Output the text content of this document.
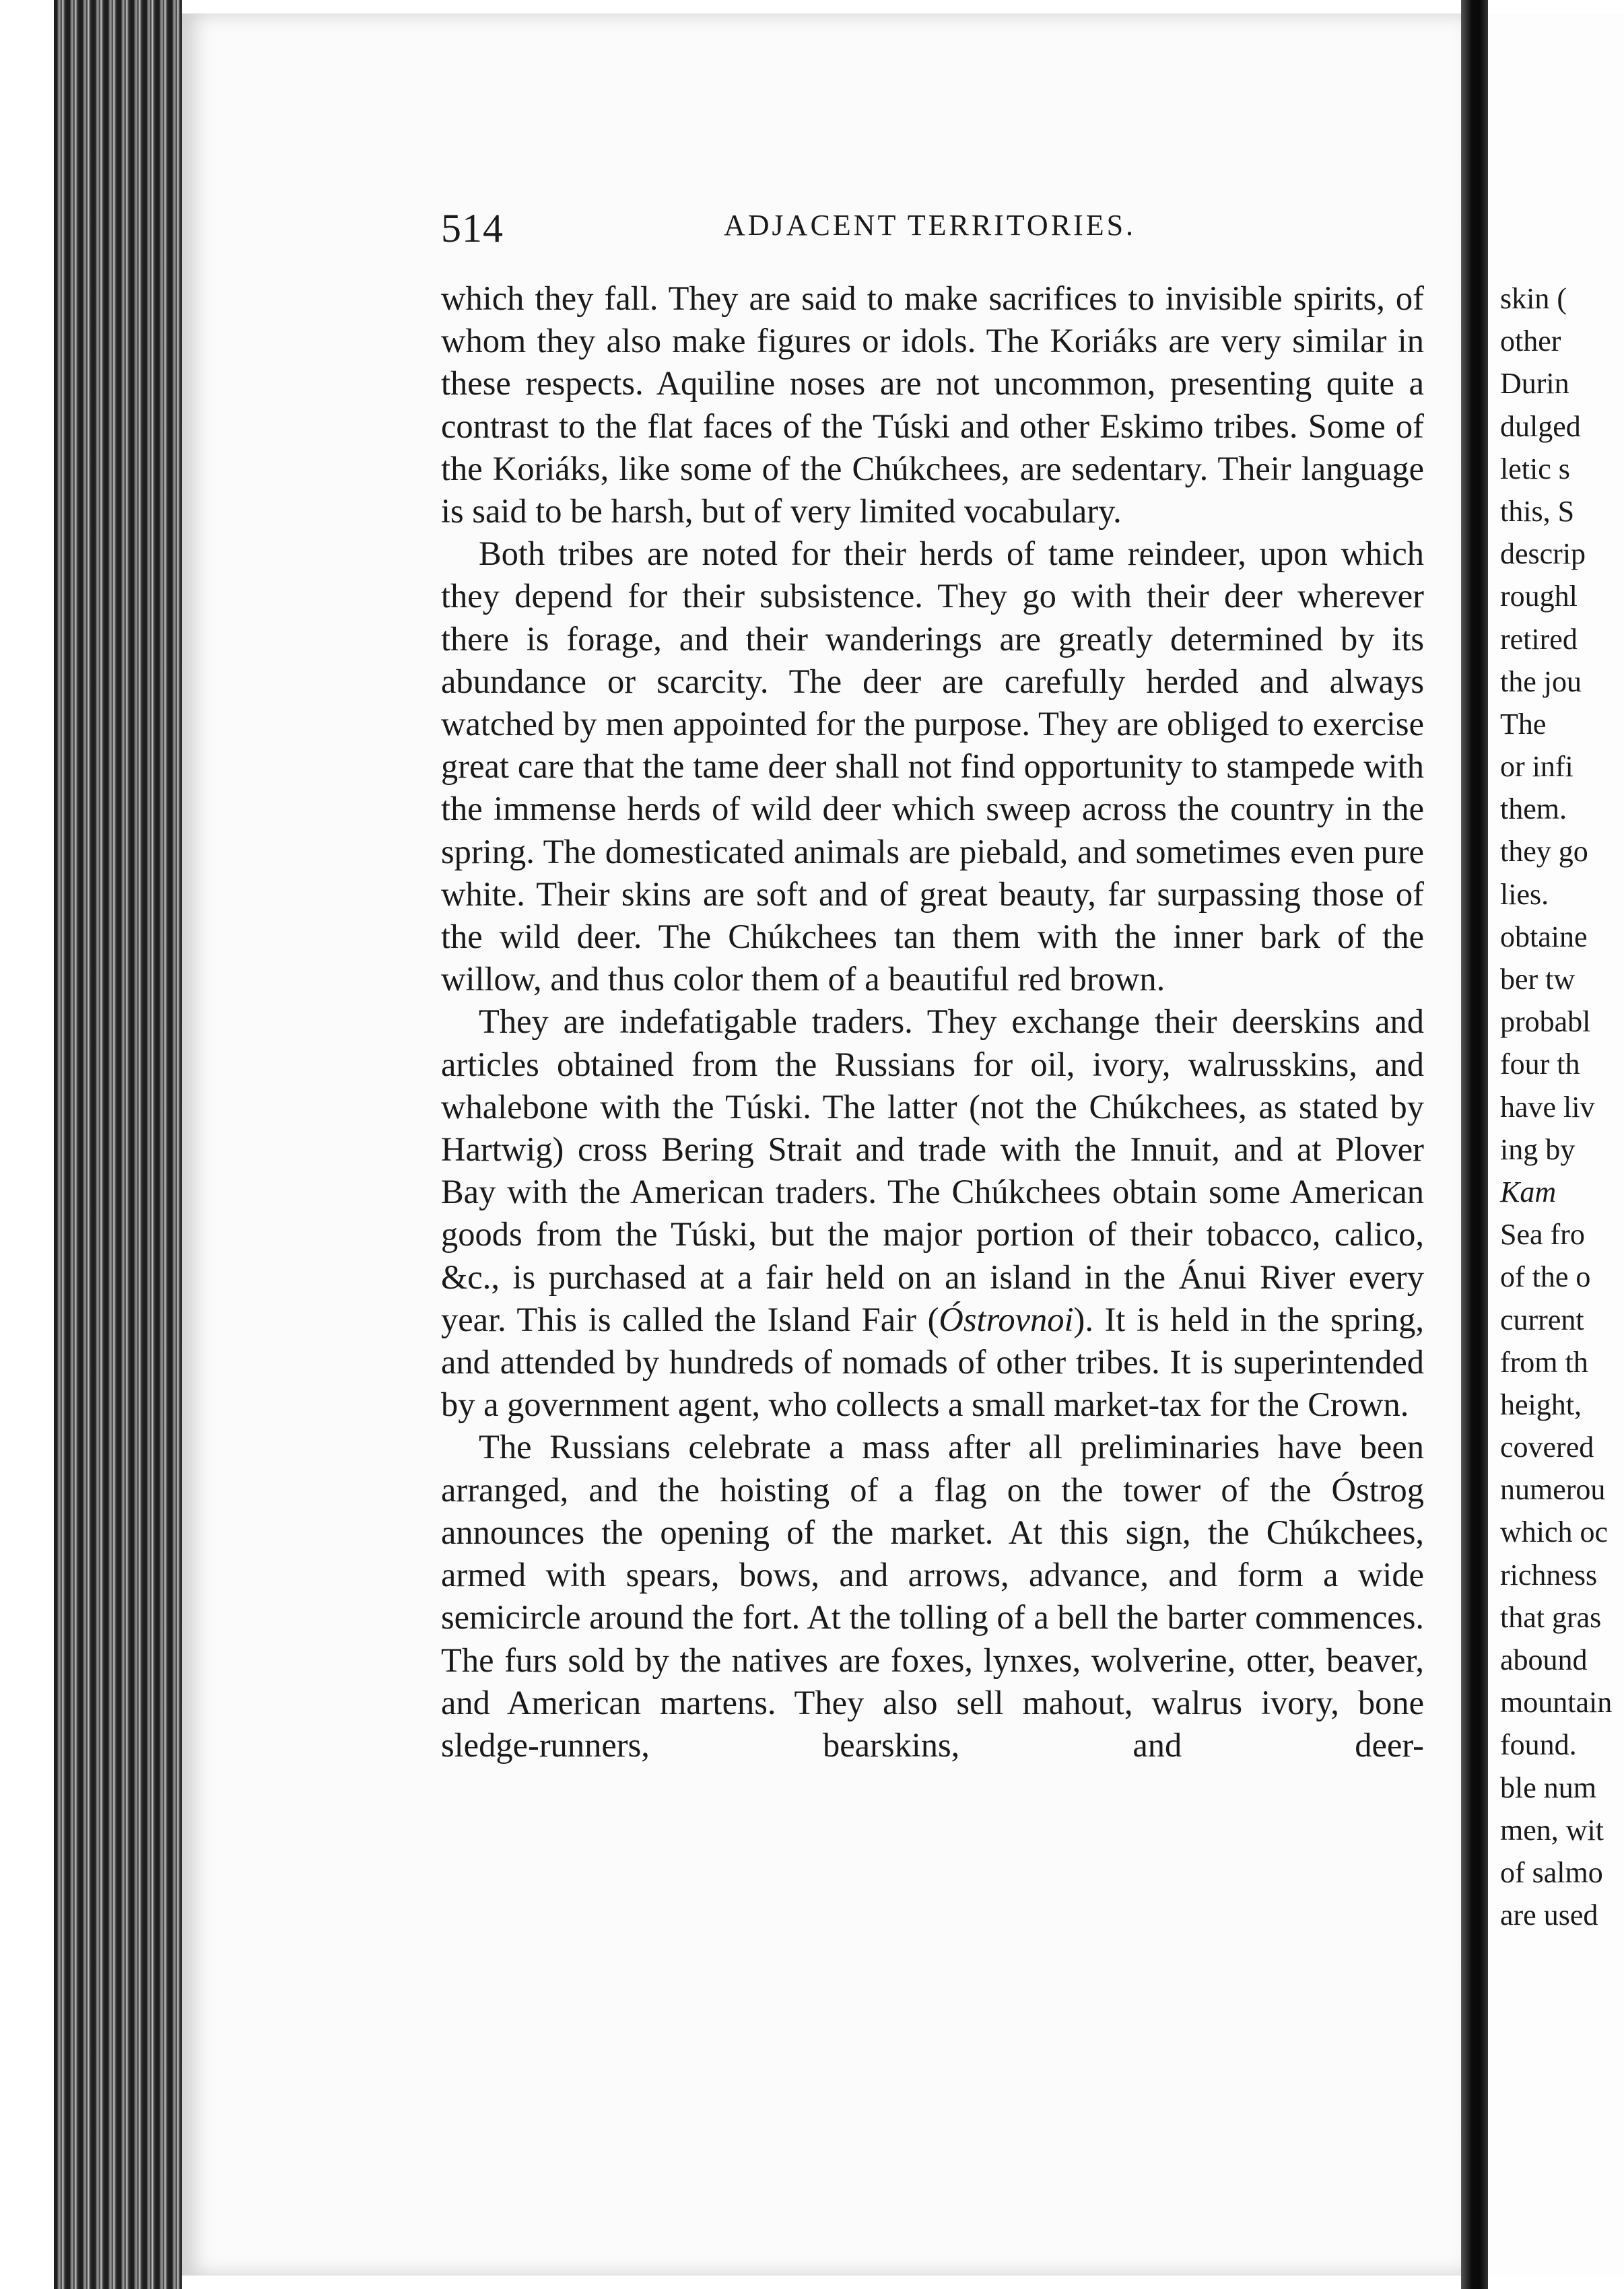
514	ADJACENT TERRITORIES.

which they fall. They are said to make sacrifices to invisible spirits, of whom they also make figures or idols. The Koriáks are very similar in these respects. Aquiline noses are not uncommon, presenting quite a contrast to the flat faces of the Túski and other Eskimo tribes. Some of the Koriáks, like some of the Chúkchees, are sedentary. Their language is said to be harsh, but of very limited vocabulary.

Both tribes are noted for their herds of tame reindeer, upon which they depend for their subsistence. They go with their deer wherever there is forage, and their wanderings are greatly determined by its abundance or scarcity. The deer are carefully herded and always watched by men appointed for the purpose. They are obliged to exercise great care that the tame deer shall not find opportunity to stampede with the immense herds of wild deer which sweep across the country in the spring. The domesticated animals are piebald, and sometimes even pure white. Their skins are soft and of great beauty, far surpassing those of the wild deer. The Chúkchees tan them with the inner bark of the willow, and thus color them of a beautiful red brown.

They are indefatigable traders. They exchange their deerskins and articles obtained from the Russians for oil, ivory, walrusskins, and whalebone with the Túski. The latter (not the Chúkchees, as stated by Hartwig) cross Bering Strait and trade with the Innuit, and at Plover Bay with the American traders. The Chúkchees obtain some American goods from the Túski, but the major portion of their tobacco, calico, &c., is purchased at a fair held on an island in the Ánui River every year. This is called the Island Fair (Óstrovnoi). It is held in the spring, and attended by hundreds of nomads of other tribes. It is superintended by a government agent, who collects a small market-tax for the Crown.

The Russians celebrate a mass after all preliminaries have been arranged, and the hoisting of a flag on the tower of the Óstrog announces the opening of the market. At this sign, the Chúkchees, armed with spears, bows, and arrows, advance, and form a wide semicircle around the fort. At the tolling of a bell the barter commences. The furs sold by the natives are foxes, lynxes, wolverine, otter, beaver, and American martens. They also sell mahout, walrus ivory, bone sledge-runners, bearskins, and deer-

skin (
other
Durin
dulged
letic s
this, S
descrip
roughl
retired
the jou
The
or infi
them.
they go
lies.
obtaine
ber tw
probabl
four th
have liv
ing by
Kam
Sea fro
of the o
current
from th
height,
covered
numerou
which oc
richness
that gras
abound
mountain
found.
ble num
men, wit
of salmo
are used
